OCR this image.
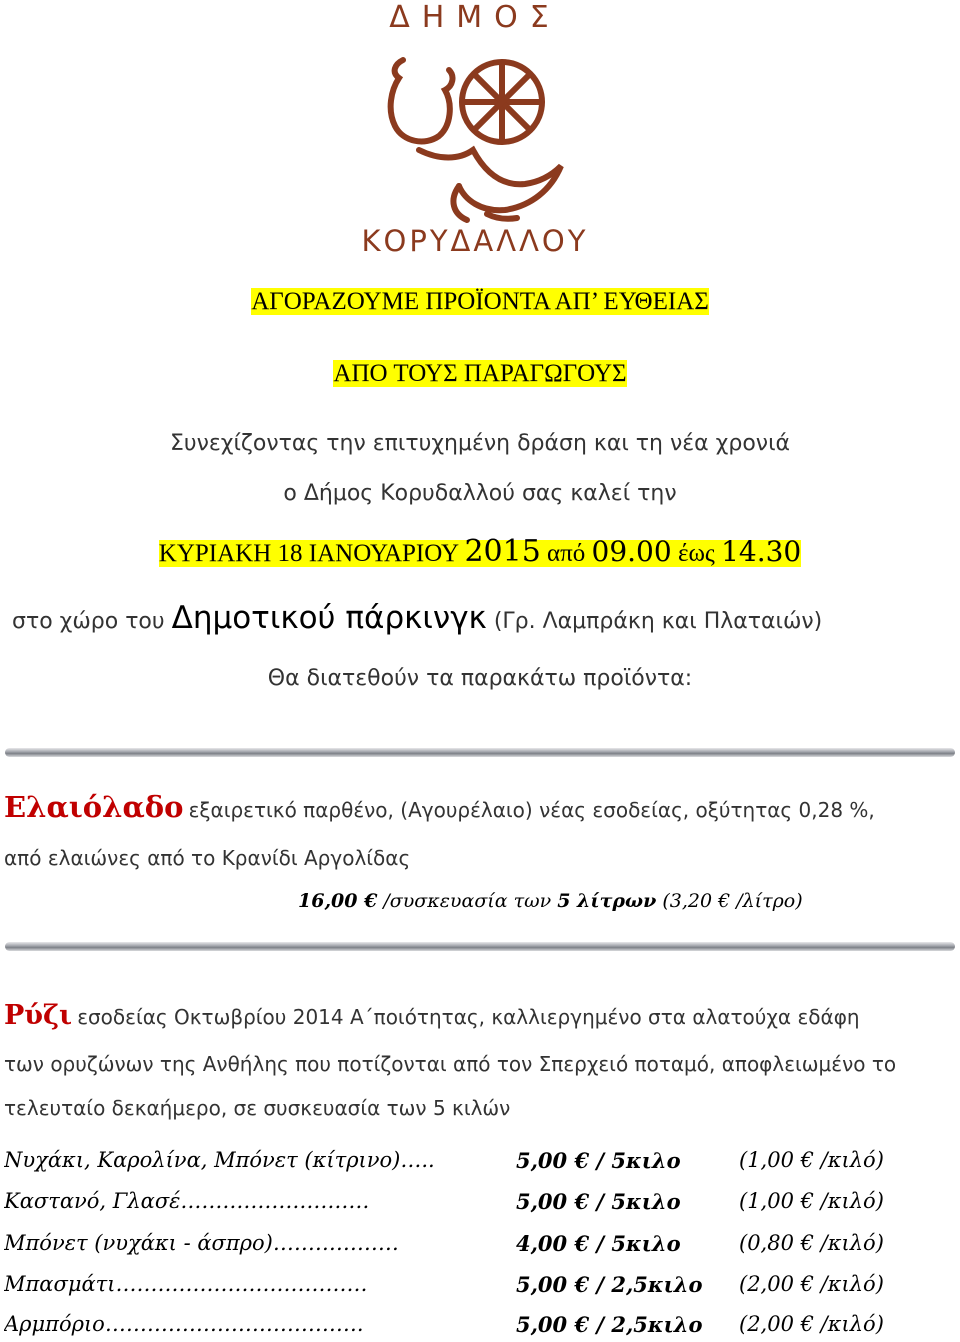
ΔΗΜΟΣ
ΚΟΡΥΔΑΛΛΟΥ
ΑΓΟΡΑΖΟΥΜΕ ΠΡΟΪΟΝΤΑ ΑΠ’ ΕΥΘΕΙΑΣ
ΑΠΟ ΤΟΥΣ ΠΑΡΑΓΩΓΟΥΣ
Συνεχίζοντας την επιτυχημένη δράση και τη νέα χρονιά
ο Δήμος Κορυδαλλού σας καλεί την
ΚΥΡΙΑΚΗ 18 ΙΑΝΟΥΑΡΙΟΥ 2015 από 09.00 έως 14.30
στο χώρο του Δημοτικού πάρκινγκ (Γρ. Λαμπράκη και Πλαταιών)
Θα διατεθούν τα παρακάτω προϊόντα:
Ελαιόλαδο εξαιρετικό παρθένο, (Αγουρέλαιο) νέας εσοδείας, οξύτητας 0,28 %,
από ελαιώνες από το Κρανίδι Αργολίδας
16,00 € /συσκευασία των 5 λίτρων (3,20 € /λίτρο)
Ρύζι εσοδείας Οκτωβρίου 2014 Α΄ποιότητας, καλλιεργημένο στα αλατούχα εδάφη
των ορυζώνων της Ανθήλης που ποτίζονται από τον Σπερχειό ποταμό, αποφλειωμένο το
τελευταίο δεκαήμερο, σε συσκευασία των 5 κιλών
Νυχάκι, Καρολίνα, Μπόνετ (κίτρινο)…..	5,00 € / 5κιλο	(1,00 € /κιλό)
Καστανό, Γλασέ………………………	5,00 € / 5κιλο	(1,00 € /κιλό)
Μπόνετ (νυχάκι - άσπρο)………………	4,00 € / 5κιλο	(0,80 € /κιλό)
Μπασμάτι………………………………	5,00 € / 2,5κιλο (2,00 € /κιλό)
Αρμπόριο……………………………….	5,00 € / 2,5κιλο (2,00 € /κιλό)
